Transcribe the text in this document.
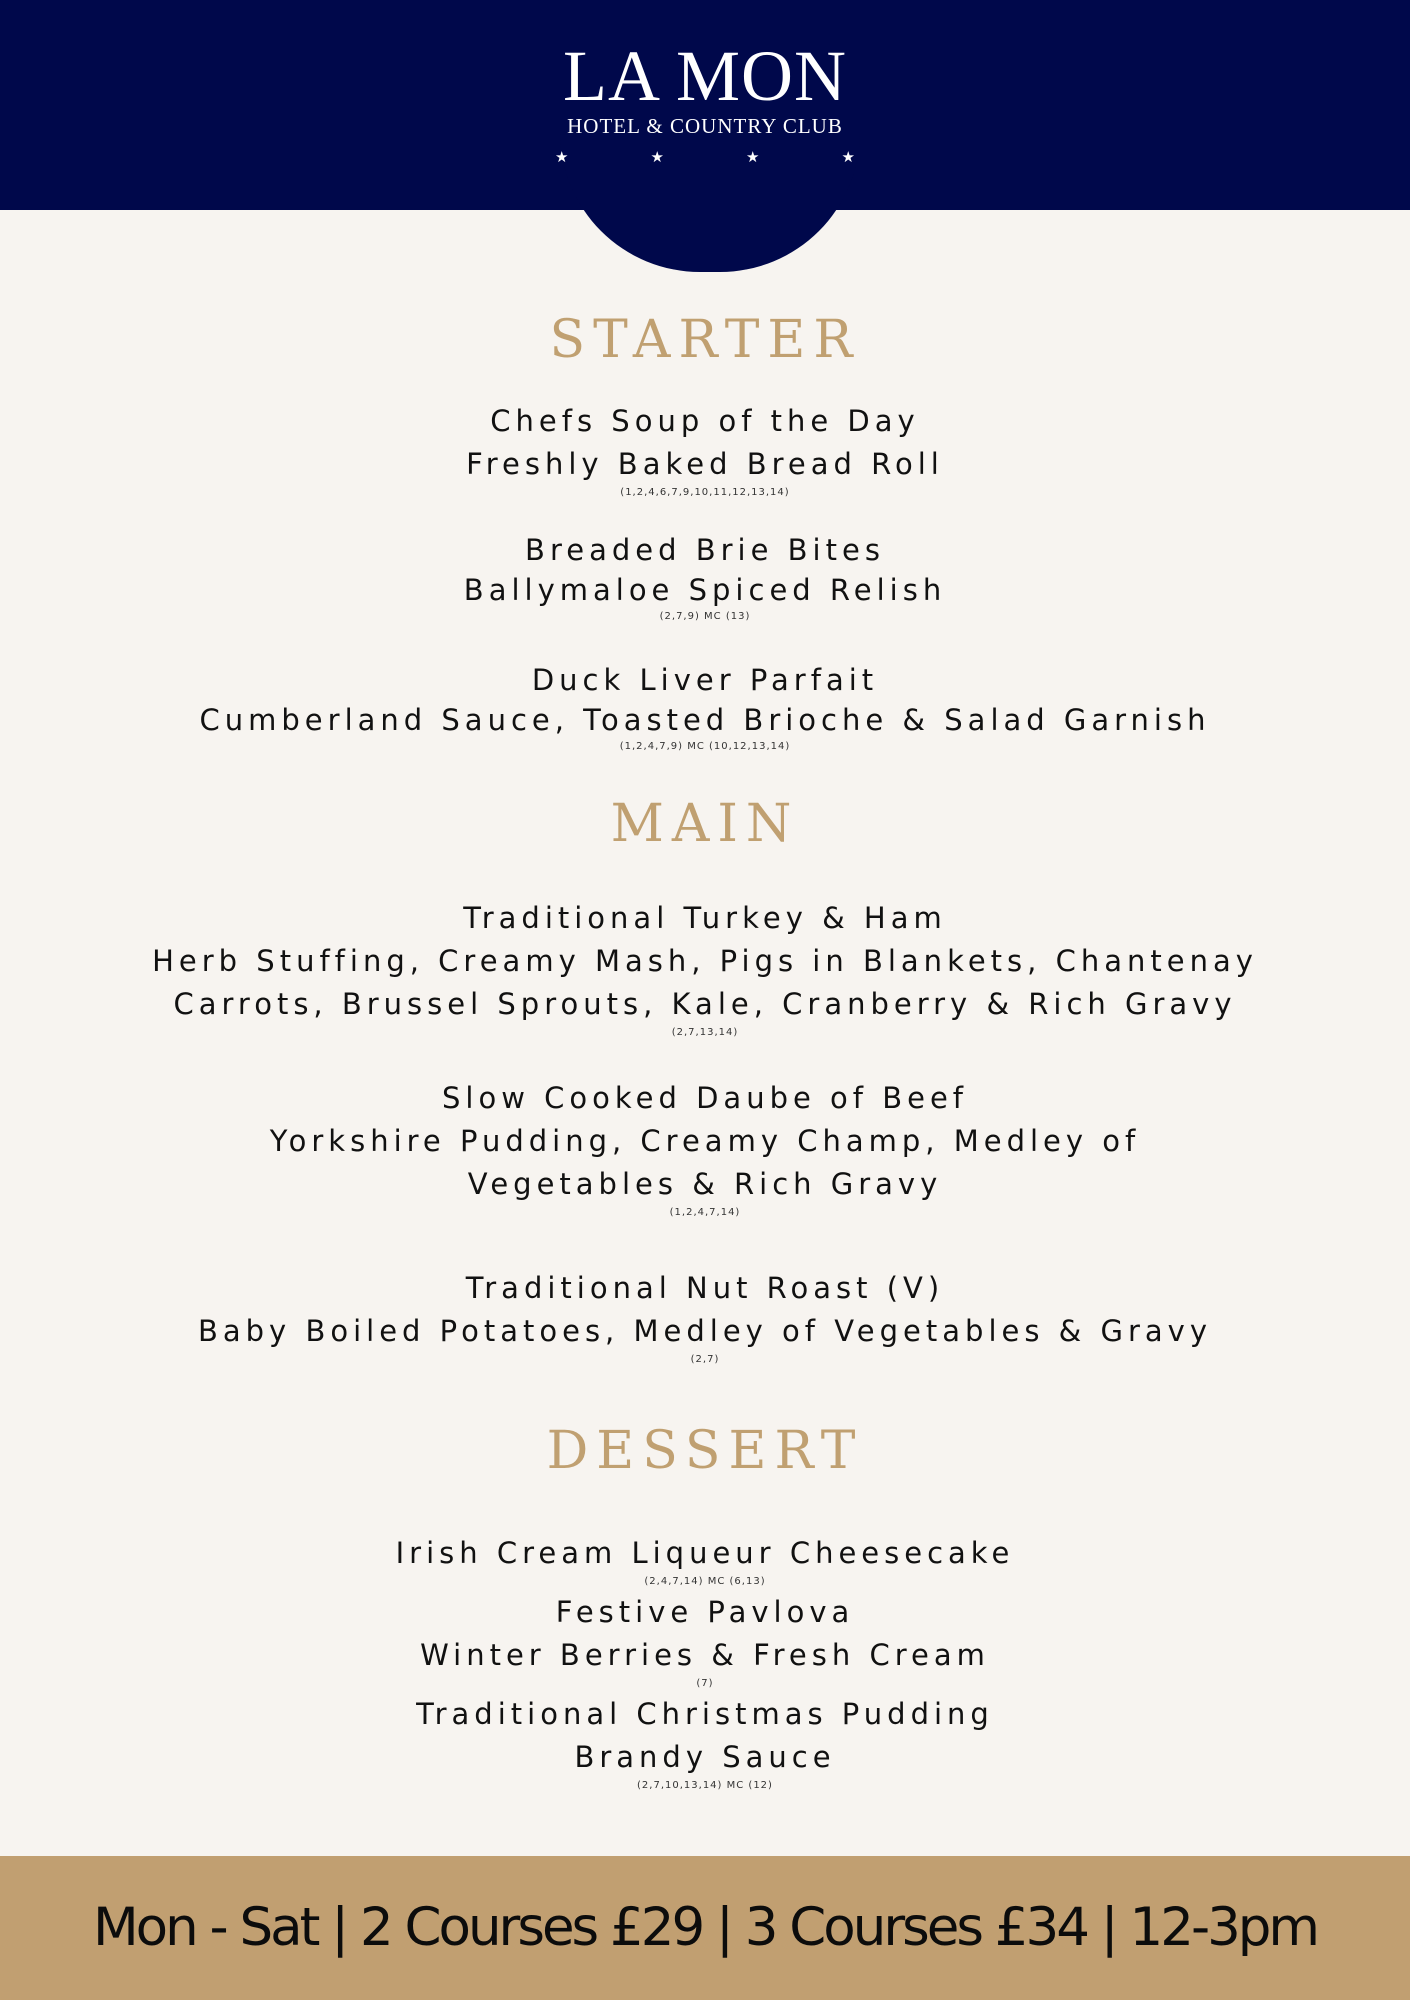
LA MON
HOTEL & COUNTRY CLUB
★	★	★	★
STARTER
Chefs Soup of the Day
Freshly Baked Bread Roll
(1,2,4,6,7,9,10,11,12,13,14)
Breaded Brie Bites
Ballymaloe Spiced Relish
(2,7,9) MC (13)
Duck Liver Parfait
Cumberland Sauce, Toasted Brioche & Salad Garnish
(1,2,4,7,9) MC (10,12,13,14)
MAIN
Traditional Turkey & Ham
Herb Stuffing, Creamy Mash, Pigs in Blankets, Chantenay
Carrots, Brussel Sprouts, Kale, Cranberry & Rich Gravy
(2,7,13,14)
Slow Cooked Daube of Beef
Yorkshire Pudding, Creamy Champ, Medley of
Vegetables & Rich Gravy
(1,2,4,7,14)
Traditional Nut Roast (V)
Baby Boiled Potatoes, Medley of Vegetables & Gravy
(2,7)
DESSERT
Irish Cream Liqueur Cheesecake
(2,4,7,14) MC (6,13)
Festive Pavlova
Winter Berries & Fresh Cream
(7)
Traditional Christmas Pudding
Brandy Sauce
(2,7,10,13,14) MC (12)
Mon - Sat | 2 Courses £29 | 3 Courses £34 | 12-3pm
